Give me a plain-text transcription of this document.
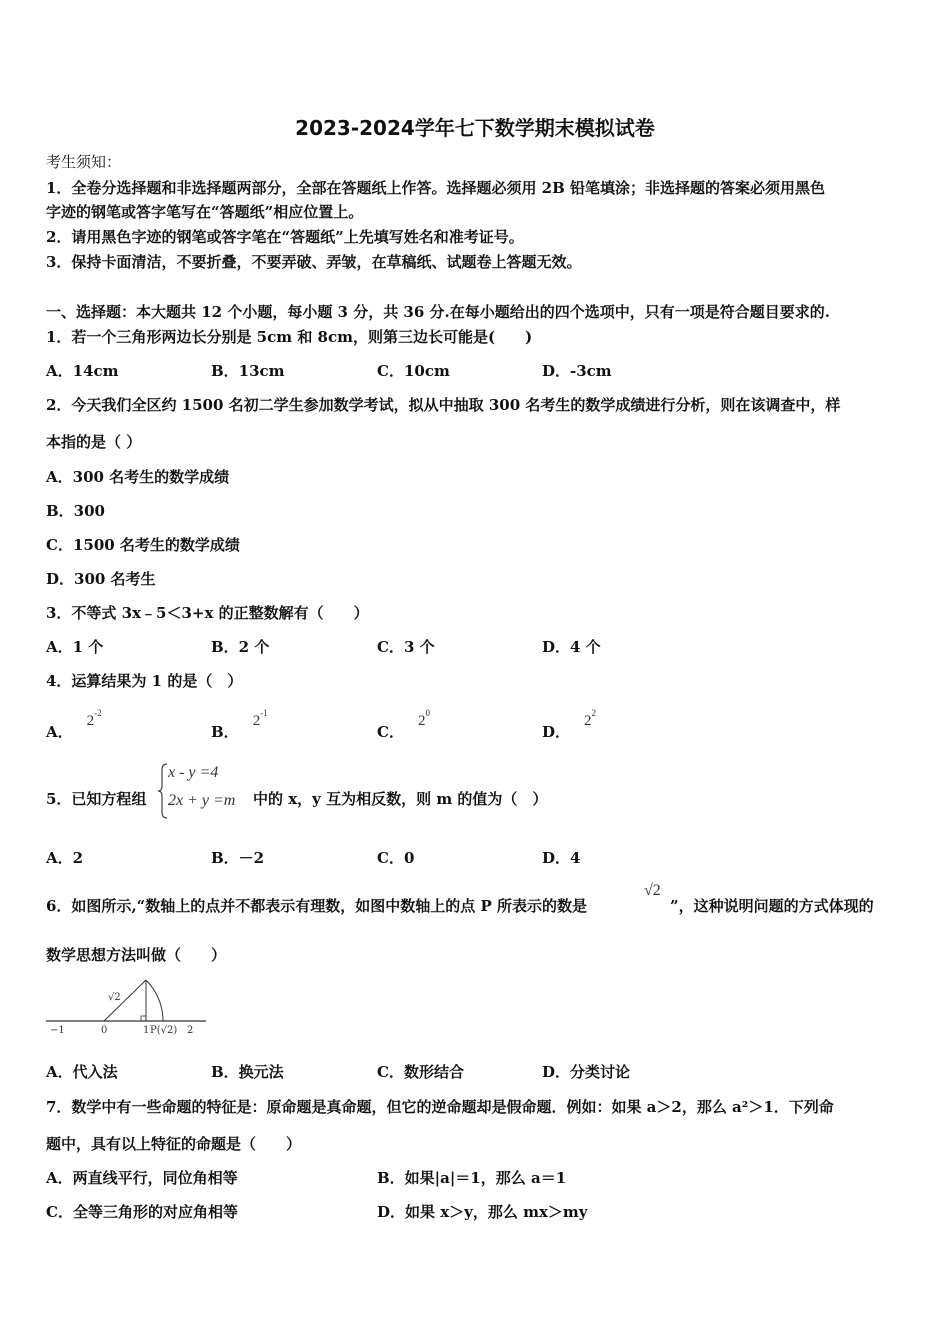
2023-2024学年七下数学期末模拟试卷
考生须知：
1．全卷分选择题和非选择题两部分，全部在答题纸上作答。选择题必须用 2B 铅笔填涂；非选择题的答案必须用黑色
字迹的钢笔或答字笔写在“答题纸”相应位置上。
2．请用黑色字迹的钢笔或答字笔在“答题纸”上先填写姓名和准考证号。
3．保持卡面清洁，不要折叠，不要弄破、弄皱，在草稿纸、试题卷上答题无效。
一、选择题：本大题共 12 个小题，每小题 3 分，共 36 分.在每小题给出的四个选项中，只有一项是符合题目要求的.
1．若一个三角形两边长分别是 5cm 和 8cm，则第三边长可能是(　　)
A．14cm	B．13cm	C．10cm	D．-3cm
2．今天我们全区约 1500 名初二学生参加数学考试，拟从中抽取 300 名考生的数学成绩进行分析，则在该调查中，样
本指的是（ ）
A．300 名考生的数学成绩
B．300
C．1500 名考生的数学成绩
D．300 名考生
3．不等式 3x﹣5＜3+x 的正整数解有（　　）
A．1 个	B．2 个	C．3 个	D．4 个
4．运算结果为 1 的是（　）
A．$2^{-2}$
B．$2^{-1}$
C．$2^0$
D．$2^2$
5．已知方程组
x - y =4
2x + y =m 中的 x，y 互为相反数，则 m 的值为（　）
A．2	B．－2	C．0	D．4
6．如图所示,“数轴上的点并不都表示有理数，如图中数轴上的点 P 所表示的数是
√2
”，这种说明问题的方式体现的
数学思想方法叫做（　　）
√2
−1	0	1 P(√2) 2
A．代入法	B．换元法	C．数形结合	D．分类讨论
7．数学中有一些命题的特征是：原命题是真命题，但它的逆命题却是假命题．例如：如果 a＞2，那么 a²＞1．下列命
题中，具有以上特征的命题是（　　）
A．两直线平行，同位角相等	B．如果|a|＝1，那么 a＝1
C．全等三角形的对应角相等	D．如果 x＞y，那么 mx＞my
